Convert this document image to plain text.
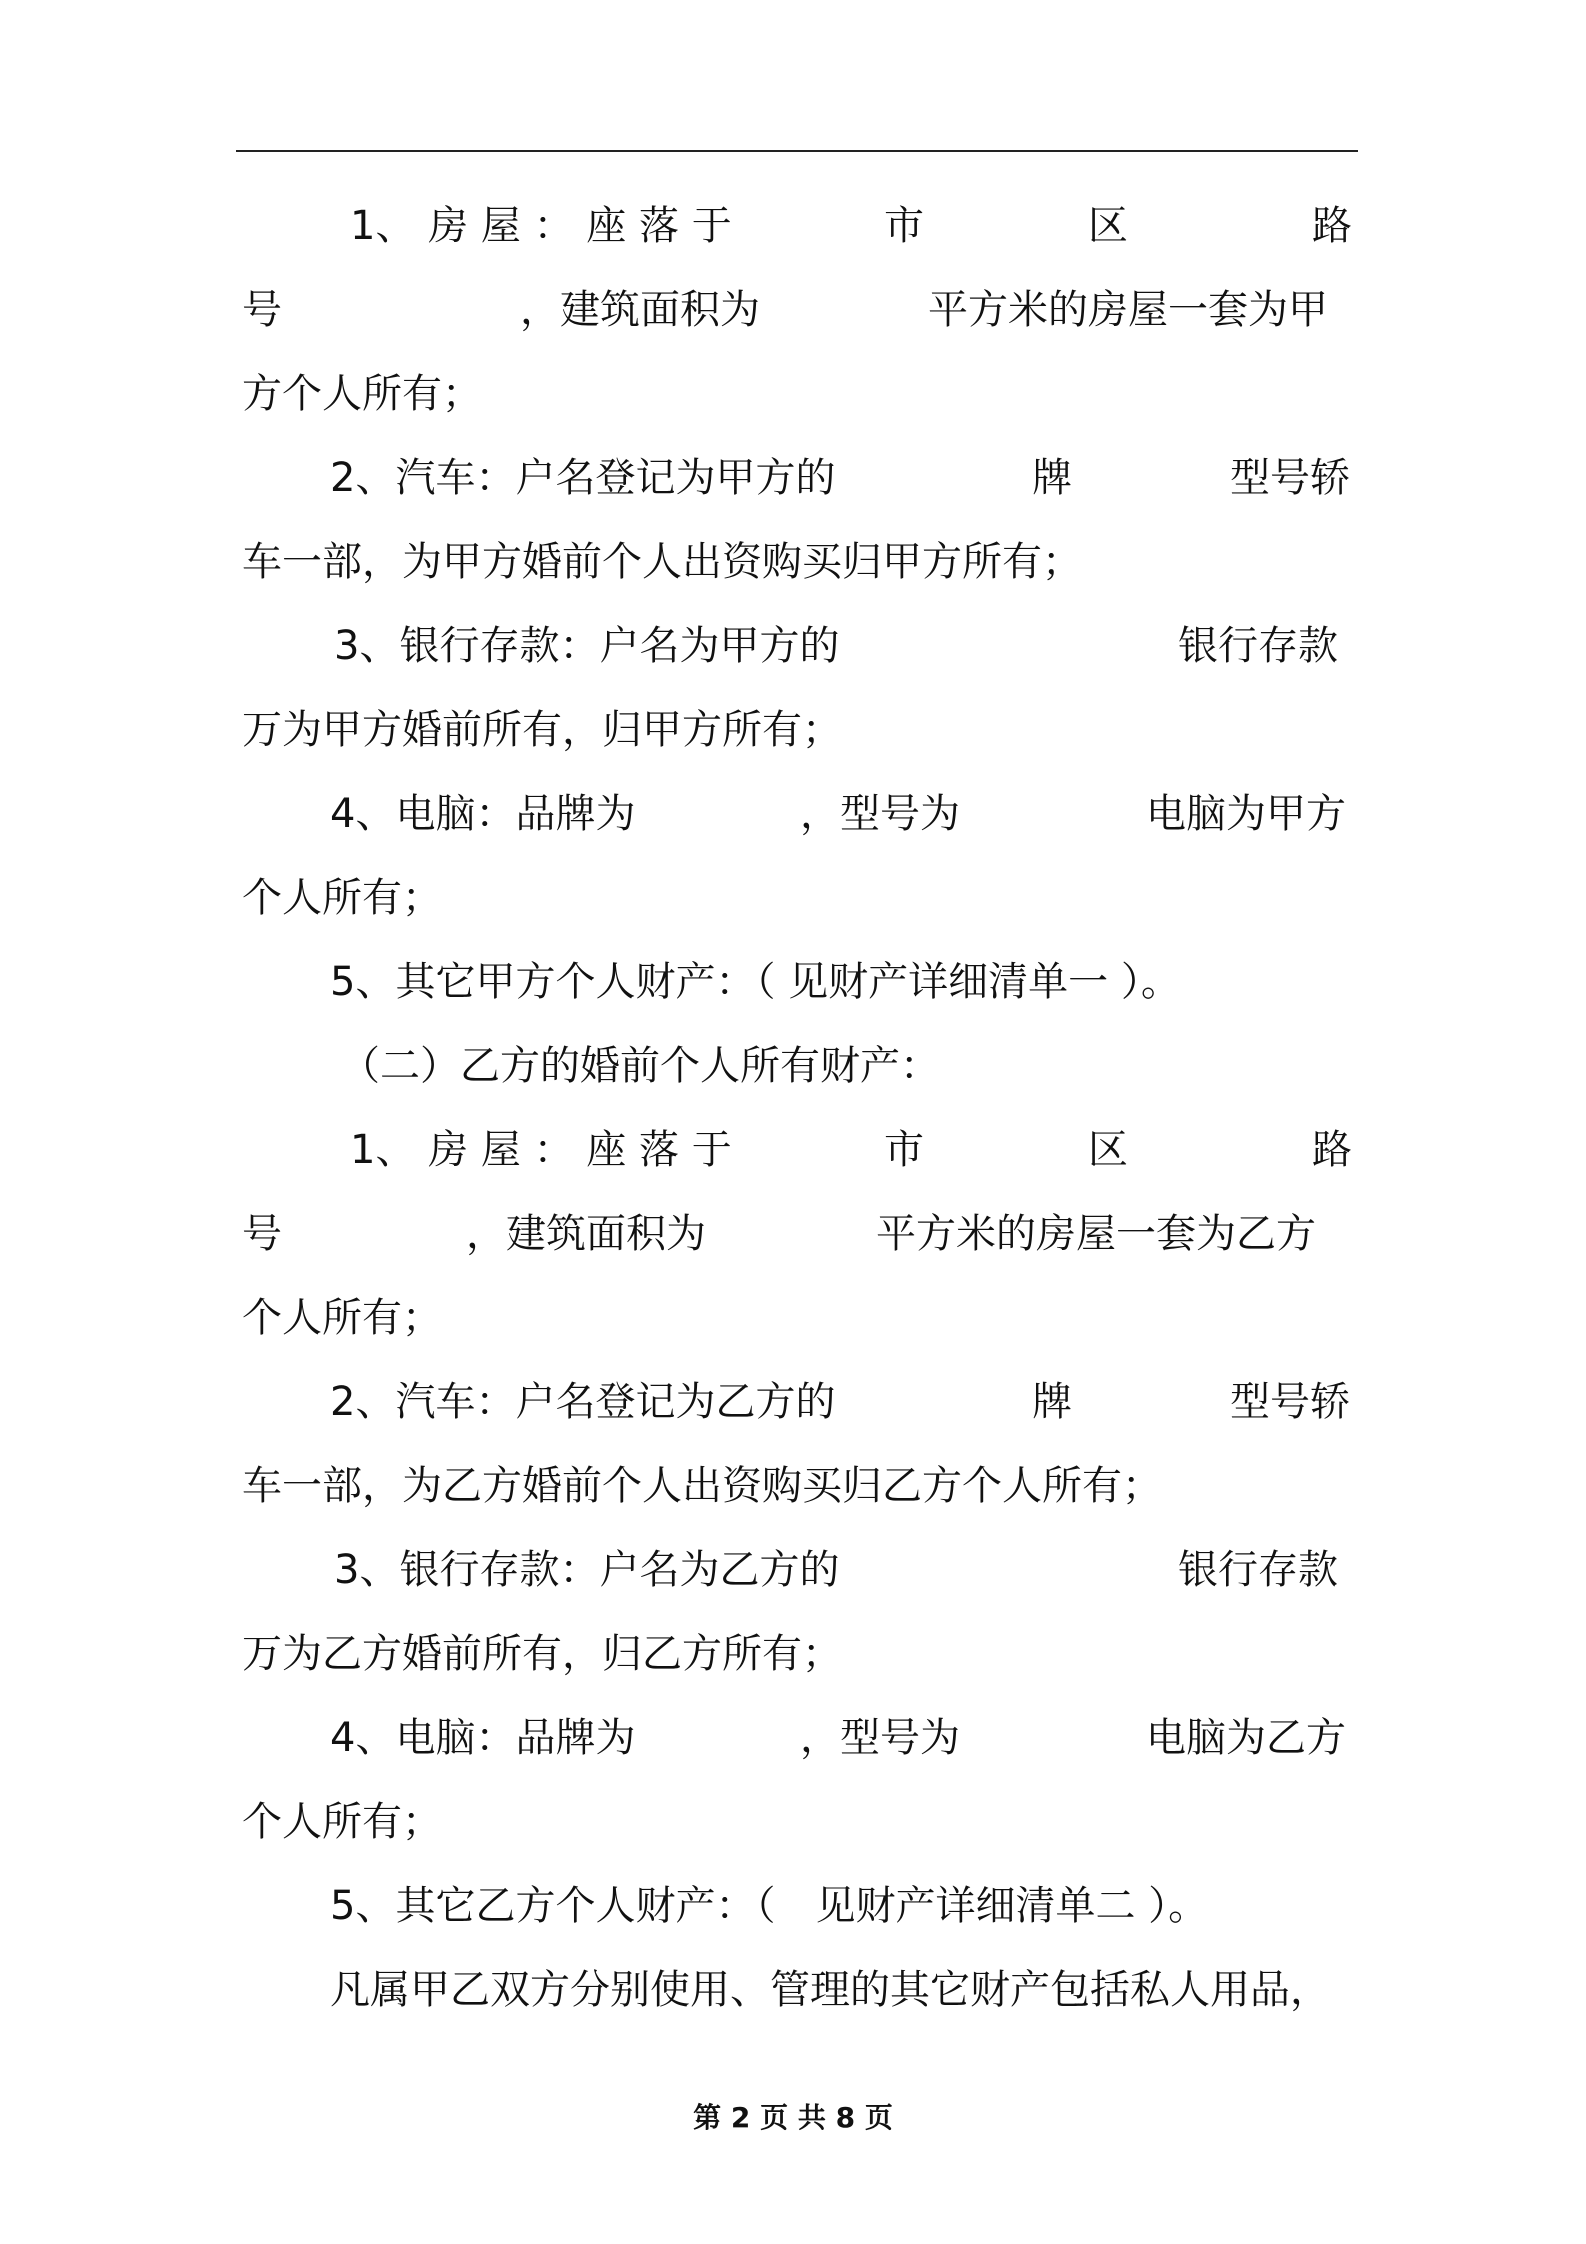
1、 房 屋 ： 座 落 于	市	区	路
号	，建筑面积为	平方米的房屋一套为甲
方个人所有；
2、汽车：户名登记为甲方的	牌	型号轿
车一部，为甲方婚前个人出资购买归甲方所有；
3、银行存款：户名为甲方的	银行存款
万为甲方婚前所有，归甲方所有；
4、电脑：品牌为	，型号为	电脑为甲方
个人所有；
5、其它甲方个人财产：（ 见财产详细清单一 ）。
（二）乙方的婚前个人所有财产：
1、 房 屋 ： 座 落 于	市	区	路
号	，建筑面积为	平方米的房屋一套为乙方
个人所有；
2、汽车：户名登记为乙方的	牌	型号轿
车一部，为乙方婚前个人出资购买归乙方个人所有；
3、银行存款：户名为乙方的	银行存款
万为乙方婚前所有，归乙方所有；
4、电脑：品牌为	，型号为	电脑为乙方
个人所有；
5、其它乙方个人财产：（　见财产详细清单二 ）。
凡属甲乙双方分别使用、管理的其它财产包括私人用品，
第 2 页 共 8 页
